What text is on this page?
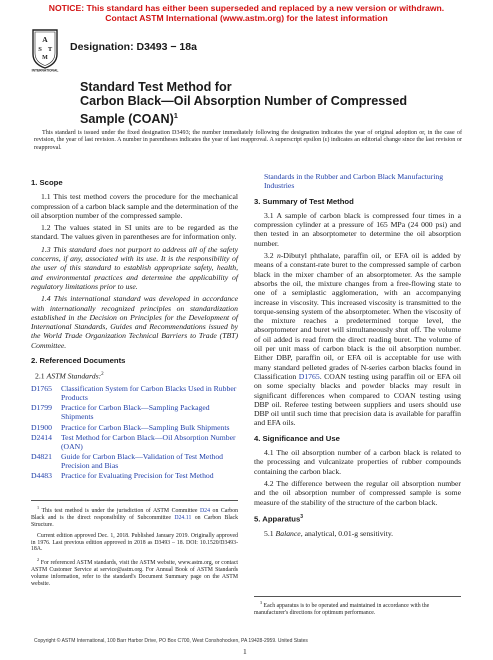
NOTICE: This standard has either been superseded and replaced by a new version or withdrawn.
Contact ASTM International (www.astm.org) for the latest information
A
S T
M
INTERNATIONAL
Designation: D3493 − 18a
Standard Test Method for
Carbon Black—Oil Absorption Number of Compressed
Sample (COAN)$^1$
This standard is issued under the fixed designation D3493; the number immediately following the designation indicates the year of original adoption or, in the case of revision, the year of last revision. A number in parentheses indicates the year of last reapproval. A superscript epsilon (ε) indicates an editorial change since the last revision or reapproval.
1. Scope
1.1 This test method covers the procedure for the mechanical compression of a carbon black sample and the determination of the oil absorption number of the compressed sample.
1.2 The values stated in SI units are to be regarded as the standard. The values given in parentheses are for information only.
1.3 This standard does not purport to address all of the safety concerns, if any, associated with its use. It is the responsibility of the user of this standard to establish appropriate safety, health, and environmental practices and determine the applicability of regulatory limitations prior to use.
1.4 This international standard was developed in accordance with internationally recognized principles on standardization established in the Decision on Principles for the Development of International Standards, Guides and Recommendations issued by the World Trade Organization Technical Barriers to Trade (TBT) Committee.
2. Referenced Documents
2.1 ASTM Standards:$^2$
D1765	Classification System for Carbon Blacks Used in Rubber Products
D1799	Practice for Carbon Black—Sampling Packaged Shipments
D1900	Practice for Carbon Black—Sampling Bulk Shipments
D2414	Test Method for Carbon Black—Oil Absorption Number (OAN)
D4821	Guide for Carbon Black—Validation of Test Method Precision and Bias
D4483	Practice for Evaluating Precision for Test Method
$^1$ This test method is under the jurisdiction of ASTM Committee D24 on Carbon Black and is the direct responsibility of Subcommittee D24.11 on Carbon Black Structure.
Current edition approved Dec. 1, 2018. Published January 2019. Originally approved in 1976. Last previous edition approved in 2018 as D3493 – 18. DOI: 10.1520/D3493-18A.
$^2$ For referenced ASTM standards, visit the ASTM website, www.astm.org, or contact ASTM Customer Service at service@astm.org. For Annual Book of ASTM Standards volume information, refer to the standard's Document Summary page on the ASTM website.
Standards in the Rubber and Carbon Black Manufacturing Industries
3. Summary of Test Method
3.1 A sample of carbon black is compressed four times in a compression cylinder at a pressure of 165 MPa (24 000 psi) and then tested in an absorptometer to determine the oil absorption number.
3.2 n-Dibutyl phthalate, paraffin oil, or EFA oil is added by means of a constant-rate buret to the compressed sample of carbon black in the mixer chamber of an absorptometer. As the sample absorbs the oil, the mixture changes from a free-flowing state to one of a semiplastic agglomeration, with an accompanying increase in viscosity. This increased viscosity is transmitted to the torque-sensing system of the absorptometer. When the viscosity of the mixture reaches a predetermined torque level, the absorptometer and buret will simultaneously shut off. The volume of oil added is read from the direct reading buret. The volume of oil per unit mass of carbon black is the oil absorption number. Either DBP, paraffin oil, or EFA oil is acceptable for use with many standard pelleted grades of N-series carbon blacks found in Classification D1765. COAN testing using paraffin oil or EFA oil on some specialty blacks and powder blacks may result in significant differences when compared to COAN testing using DBP oil. Referee testing between suppliers and users should use DBP oil until such time that precision data is available for paraffin and EFA oils.
4. Significance and Use
4.1 The oil absorption number of a carbon black is related to the processing and vulcanizate properties of rubber compounds containing the carbon black.
4.2 The difference between the regular oil absorption number and the oil absorption number of compressed sample is some measure of the stability of the structure of the carbon black.
5. Apparatus$^3$
5.1 Balance, analytical, 0.01-g sensitivity.
$^3$ Each apparatus is to be operated and maintained in accordance with the manufacturer's directions for optimum performance.
Copyright © ASTM International, 100 Barr Harbor Drive, PO Box C700, West Conshohocken, PA 19428-2959. United States
1
